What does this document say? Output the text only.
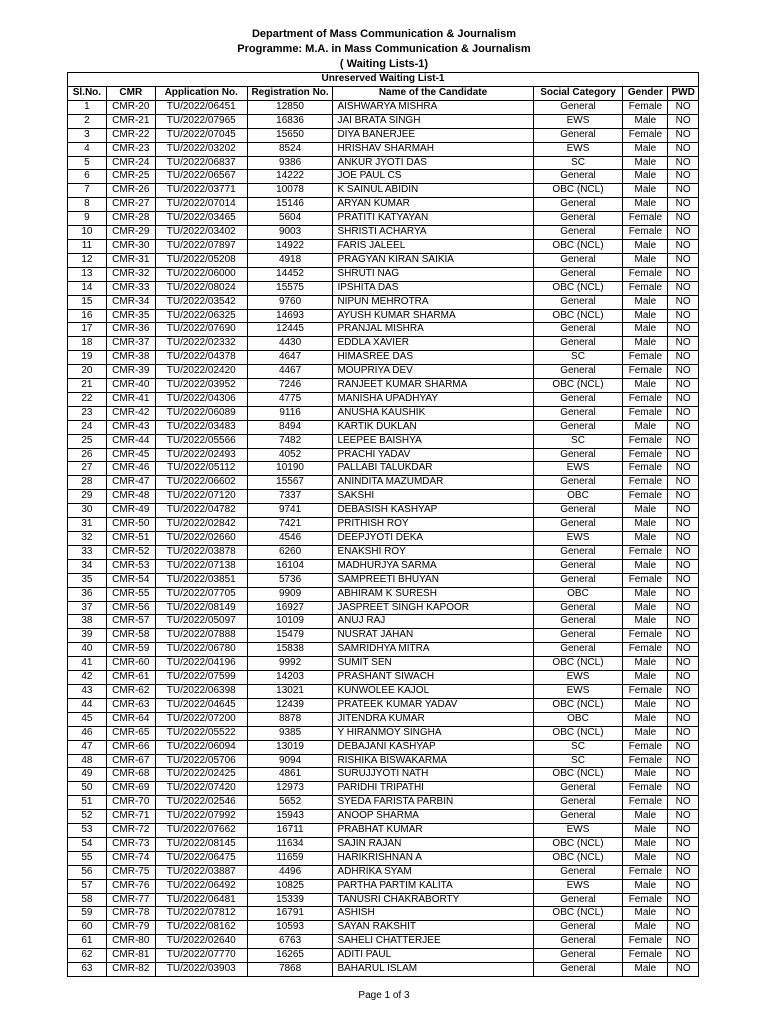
Department of Mass Communication & Journalism
Programme: M.A. in Mass Communication & Journalism
( Waiting Lists-1)
Unreserved Waiting List-1							
Sl.No.	CMR	Application No.	Registration No.	Name of the Candidate	Social Category	Gender	PWD
1	CMR-20	TU/2022/06451	12850	AISHWARYA MISHRA	General	Female	NO
2	CMR-21	TU/2022/07965	16836	JAI BRATA SINGH	EWS	Male	NO
3	CMR-22	TU/2022/07045	15650	DIYA BANERJEE	General	Female	NO
4	CMR-23	TU/2022/03202	8524	HRISHAV SHARMAH	EWS	Male	NO
5	CMR-24	TU/2022/06837	9386	ANKUR JYOTI DAS	SC	Male	NO
6	CMR-25	TU/2022/06567	14222	JOE PAUL CS	General	Male	NO
7	CMR-26	TU/2022/03771	10078	K SAINUL ABIDIN	OBC (NCL)	Male	NO
8	CMR-27	TU/2022/07014	15146	ARYAN KUMAR	General	Male	NO
9	CMR-28	TU/2022/03465	5604	PRATITI KATYAYAN	General	Female	NO
10	CMR-29	TU/2022/03402	9003	SHRISTI ACHARYA	General	Female	NO
11	CMR-30	TU/2022/07897	14922	FARIS JALEEL	OBC (NCL)	Male	NO
12	CMR-31	TU/2022/05208	4918	PRAGYAN KIRAN SAIKIA	General	Male	NO
13	CMR-32	TU/2022/06000	14452	SHRUTI NAG	General	Female	NO
14	CMR-33	TU/2022/08024	15575	IPSHITA DAS	OBC (NCL)	Female	NO
15	CMR-34	TU/2022/03542	9760	NIPUN MEHROTRA	General	Male	NO
16	CMR-35	TU/2022/06325	14693	AYUSH KUMAR SHARMA	OBC (NCL)	Male	NO
17	CMR-36	TU/2022/07690	12445	PRANJAL MISHRA	General	Male	NO
18	CMR-37	TU/2022/02332	4430	EDDLA XAVIER	General	Male	NO
19	CMR-38	TU/2022/04378	4647	HIMASREE DAS	SC	Female	NO
20	CMR-39	TU/2022/02420	4467	MOUPRIYA DEV	General	Female	NO
21	CMR-40	TU/2022/03952	7246	RANJEET KUMAR SHARMA	OBC (NCL)	Male	NO
22	CMR-41	TU/2022/04306	4775	MANISHA UPADHYAY	General	Female	NO
23	CMR-42	TU/2022/06089	9116	ANUSHA KAUSHIK	General	Female	NO
24	CMR-43	TU/2022/03483	8494	KARTIK DUKLAN	General	Male	NO
25	CMR-44	TU/2022/05566	7482	LEEPEE BAISHYA	SC	Female	NO
26	CMR-45	TU/2022/02493	4052	PRACHI YADAV	General	Female	NO
27	CMR-46	TU/2022/05112	10190	PALLABI TALUKDAR	EWS	Female	NO
28	CMR-47	TU/2022/06602	15567	ANINDITA MAZUMDAR	General	Female	NO
29	CMR-48	TU/2022/07120	7337	SAKSHI	OBC	Female	NO
30	CMR-49	TU/2022/04782	9741	DEBASISH KASHYAP	General	Male	NO
31	CMR-50	TU/2022/02842	7421	PRITHISH ROY	General	Male	NO
32	CMR-51	TU/2022/02660	4546	DEEPJYOTI DEKA	EWS	Male	NO
33	CMR-52	TU/2022/03878	6260	ENAKSHI ROY	General	Female	NO
34	CMR-53	TU/2022/07138	16104	MADHURJYA SARMA	General	Male	NO
35	CMR-54	TU/2022/03851	5736	SAMPREETI BHUYAN	General	Female	NO
36	CMR-55	TU/2022/07705	9909	ABHIRAM K SURESH	OBC	Male	NO
37	CMR-56	TU/2022/08149	16927	JASPREET SINGH KAPOOR	General	Male	NO
38	CMR-57	TU/2022/05097	10109	ANUJ RAJ	General	Male	NO
39	CMR-58	TU/2022/07888	15479	NUSRAT JAHAN	General	Female	NO
40	CMR-59	TU/2022/06780	15838	SAMRIDHYA MITRA	General	Female	NO
41	CMR-60	TU/2022/04196	9992	SUMIT SEN	OBC (NCL)	Male	NO
42	CMR-61	TU/2022/07599	14203	PRASHANT SIWACH	EWS	Male	NO
43	CMR-62	TU/2022/06398	13021	KUNWOLEE KAJOL	EWS	Female	NO
44	CMR-63	TU/2022/04645	12439	PRATEEK KUMAR YADAV	OBC (NCL)	Male	NO
45	CMR-64	TU/2022/07200	8878	JITENDRA KUMAR	OBC	Male	NO
46	CMR-65	TU/2022/05522	9385	Y HIRANMOY SINGHA	OBC (NCL)	Male	NO
47	CMR-66	TU/2022/06094	13019	DEBAJANI KASHYAP	SC	Female	NO
48	CMR-67	TU/2022/05706	9094	RISHIKA BISWAKARMA	SC	Female	NO
49	CMR-68	TU/2022/02425	4861	SURUJJYOTI NATH	OBC (NCL)	Male	NO
50	CMR-69	TU/2022/07420	12973	PARIDHI TRIPATHI	General	Female	NO
51	CMR-70	TU/2022/02546	5652	SYEDA FARISTA PARBIN	General	Female	NO
52	CMR-71	TU/2022/07992	15943	ANOOP SHARMA	General	Male	NO
53	CMR-72	TU/2022/07662	16711	PRABHAT KUMAR	EWS	Male	NO
54	CMR-73	TU/2022/08145	11634	SAJIN RAJAN	OBC (NCL)	Male	NO
55	CMR-74	TU/2022/06475	11659	HARIKRISHNAN A	OBC (NCL)	Male	NO
56	CMR-75	TU/2022/03887	4496	ADHRIKA SYAM	General	Female	NO
57	CMR-76	TU/2022/06492	10825	PARTHA PARTIM KALITA	EWS	Male	NO
58	CMR-77	TU/2022/06481	15339	TANUSRI CHAKRABORTY	General	Female	NO
59	CMR-78	TU/2022/07812	16791	ASHISH	OBC (NCL)	Male	NO
60	CMR-79	TU/2022/08162	10593	SAYAN RAKSHIT	General	Male	NO
61	CMR-80	TU/2022/02640	6763	SAHELI CHATTERJEE	General	Female	NO
62	CMR-81	TU/2022/07770	16265	ADITI PAUL	General	Female	NO
63	CMR-82	TU/2022/03903	7868	BAHARUL ISLAM	General	Male	NO
Page 1 of 3
